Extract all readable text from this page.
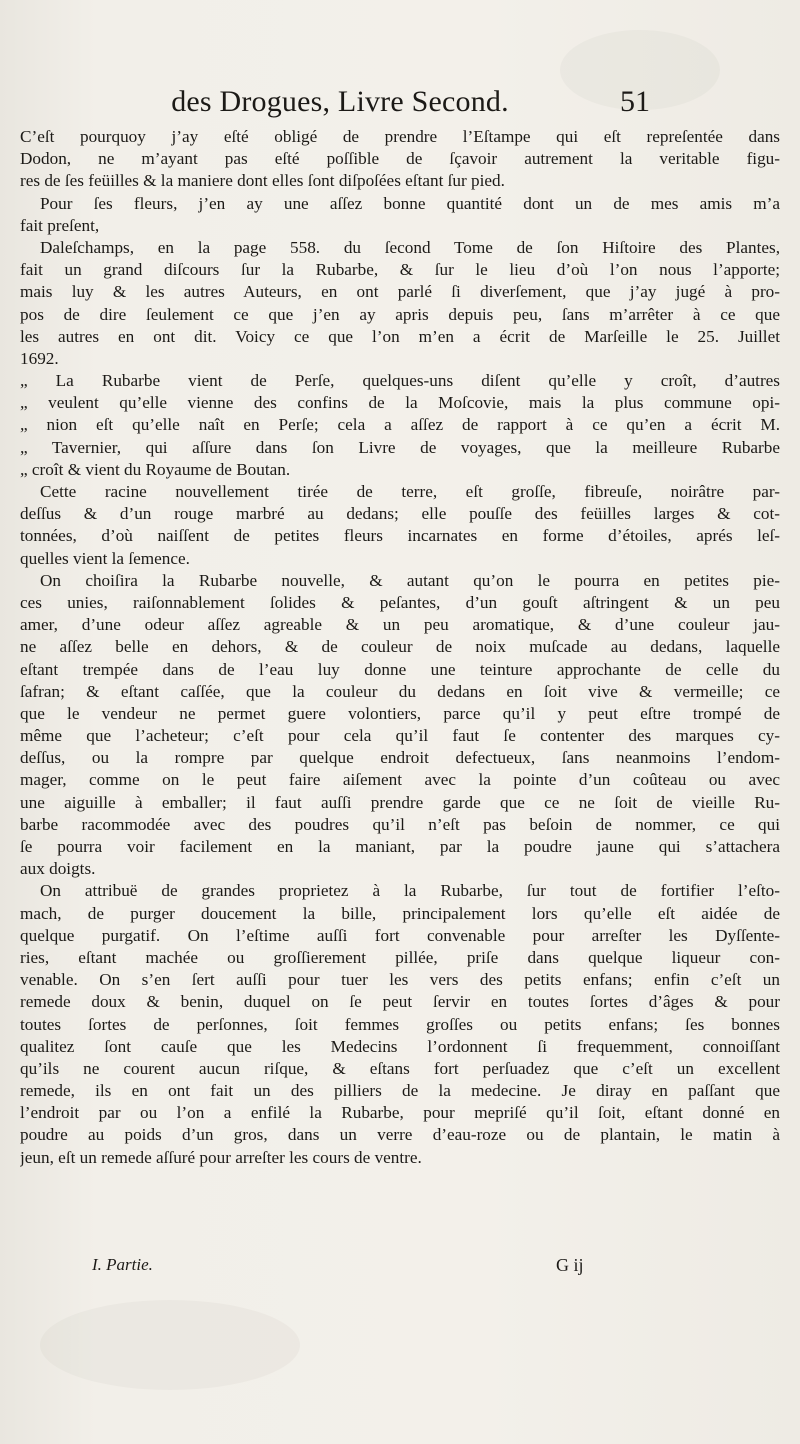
des Drogues, Livre Second.	51
C’eſt pourquoy j’ay eſté obligé de prendre l’Eſtampe qui eſt repreſentée dans
Dodon, ne m’ayant pas eſté poſſible de ſçavoir autrement la veritable figu-
res de ſes feüilles & la maniere dont elles ſont diſpoſées eſtant ſur pied.
Pour ſes fleurs, j’en ay une aſſez bonne quantité dont un de mes amis m’a
fait preſent,
Daleſchamps, en la page 558. du ſecond Tome de ſon Hiſtoire des Plantes,
fait un grand diſcours ſur la Rubarbe, & ſur le lieu d’où l’on nous l’apporte;
mais luy & les autres Auteurs, en ont parlé ſi diverſement, que j’ay jugé à pro-
pos de dire ſeulement ce que j’en ay apris depuis peu, ſans m’arrêter à ce que
les autres en ont dit. Voicy ce que l’on m’en a écrit de Marſeille le 25. Juillet
1692.
„ La Rubarbe vient de Perſe, quelques-uns diſent qu’elle y croît, d’autres
„ veulent qu’elle vienne des confins de la Moſcovie, mais la plus commune opi-
„ nion eſt qu’elle naît en Perſe; cela a aſſez de rapport à ce qu’en a écrit M.
„ Tavernier, qui aſſure dans ſon Livre de voyages, que la meilleure Rubarbe
„ croît & vient du Royaume de Boutan.
Cette racine nouvellement tirée de terre, eſt groſſe, fibreuſe, noirâtre par-
deſſus & d’un rouge marbré au dedans; elle pouſſe des feüilles larges & cot-
tonnées, d’où naiſſent de petites fleurs incarnates en forme d’étoiles, aprés leſ-
quelles vient la ſemence.
On choiſira la Rubarbe nouvelle, & autant qu’on le pourra en petites pie-
ces unies, raiſonnablement ſolides & peſantes, d’un gouſt aſtringent & un peu
amer, d’une odeur aſſez agreable & un peu aromatique, & d’une couleur jau-
ne aſſez belle en dehors, & de couleur de noix muſcade au dedans, laquelle
eſtant trempée dans de l’eau luy donne une teinture approchante de celle du
ſafran; & eſtant caſſée, que la couleur du dedans en ſoit vive & vermeille; ce
que le vendeur ne permet guere volontiers, parce qu’il y peut eſtre trompé de
même que l’acheteur; c’eſt pour cela qu’il faut ſe contenter des marques cy-
deſſus, ou la rompre par quelque endroit defectueux, ſans neanmoins l’endom-
mager, comme on le peut faire aiſement avec la pointe d’un coûteau ou avec
une aiguille à emballer; il faut auſſi prendre garde que ce ne ſoit de vieille Ru-
barbe racommodée avec des poudres qu’il n’eſt pas beſoin de nommer, ce qui
ſe pourra voir facilement en la maniant, par la poudre jaune qui s’attachera
aux doigts.
On attribuë de grandes proprietez à la Rubarbe, ſur tout de fortifier l’eſto-
mach, de purger doucement la bille, principalement lors qu’elle eſt aidée de
quelque purgatif. On l’eſtime auſſi fort convenable pour arreſter les Dyſſente-
ries, eſtant machée ou groſſierement pillée, priſe dans quelque liqueur con-
venable. On s’en ſert auſſi pour tuer les vers des petits enfans; enfin c’eſt un
remede doux & benin, duquel on ſe peut ſervir en toutes ſortes d’âges & pour
toutes ſortes de perſonnes, ſoit femmes groſſes ou petits enfans; ſes bonnes
qualitez ſont cauſe que les Medecins l’ordonnent ſi frequemment, connoiſſant
qu’ils ne courent aucun riſque, & eſtans fort perſuadez que c’eſt un excellent
remede, ils en ont fait un des pilliers de la medecine. Je diray en paſſant que
l’endroit par ou l’on a enfilé la Rubarbe, pour mepriſé qu’il ſoit, eſtant donné en
poudre au poids d’un gros, dans un verre d’eau-roze ou de plantain, le matin à
jeun, eſt un remede aſſuré pour arreſter les cours de ventre.
I. Partie.	G ij
